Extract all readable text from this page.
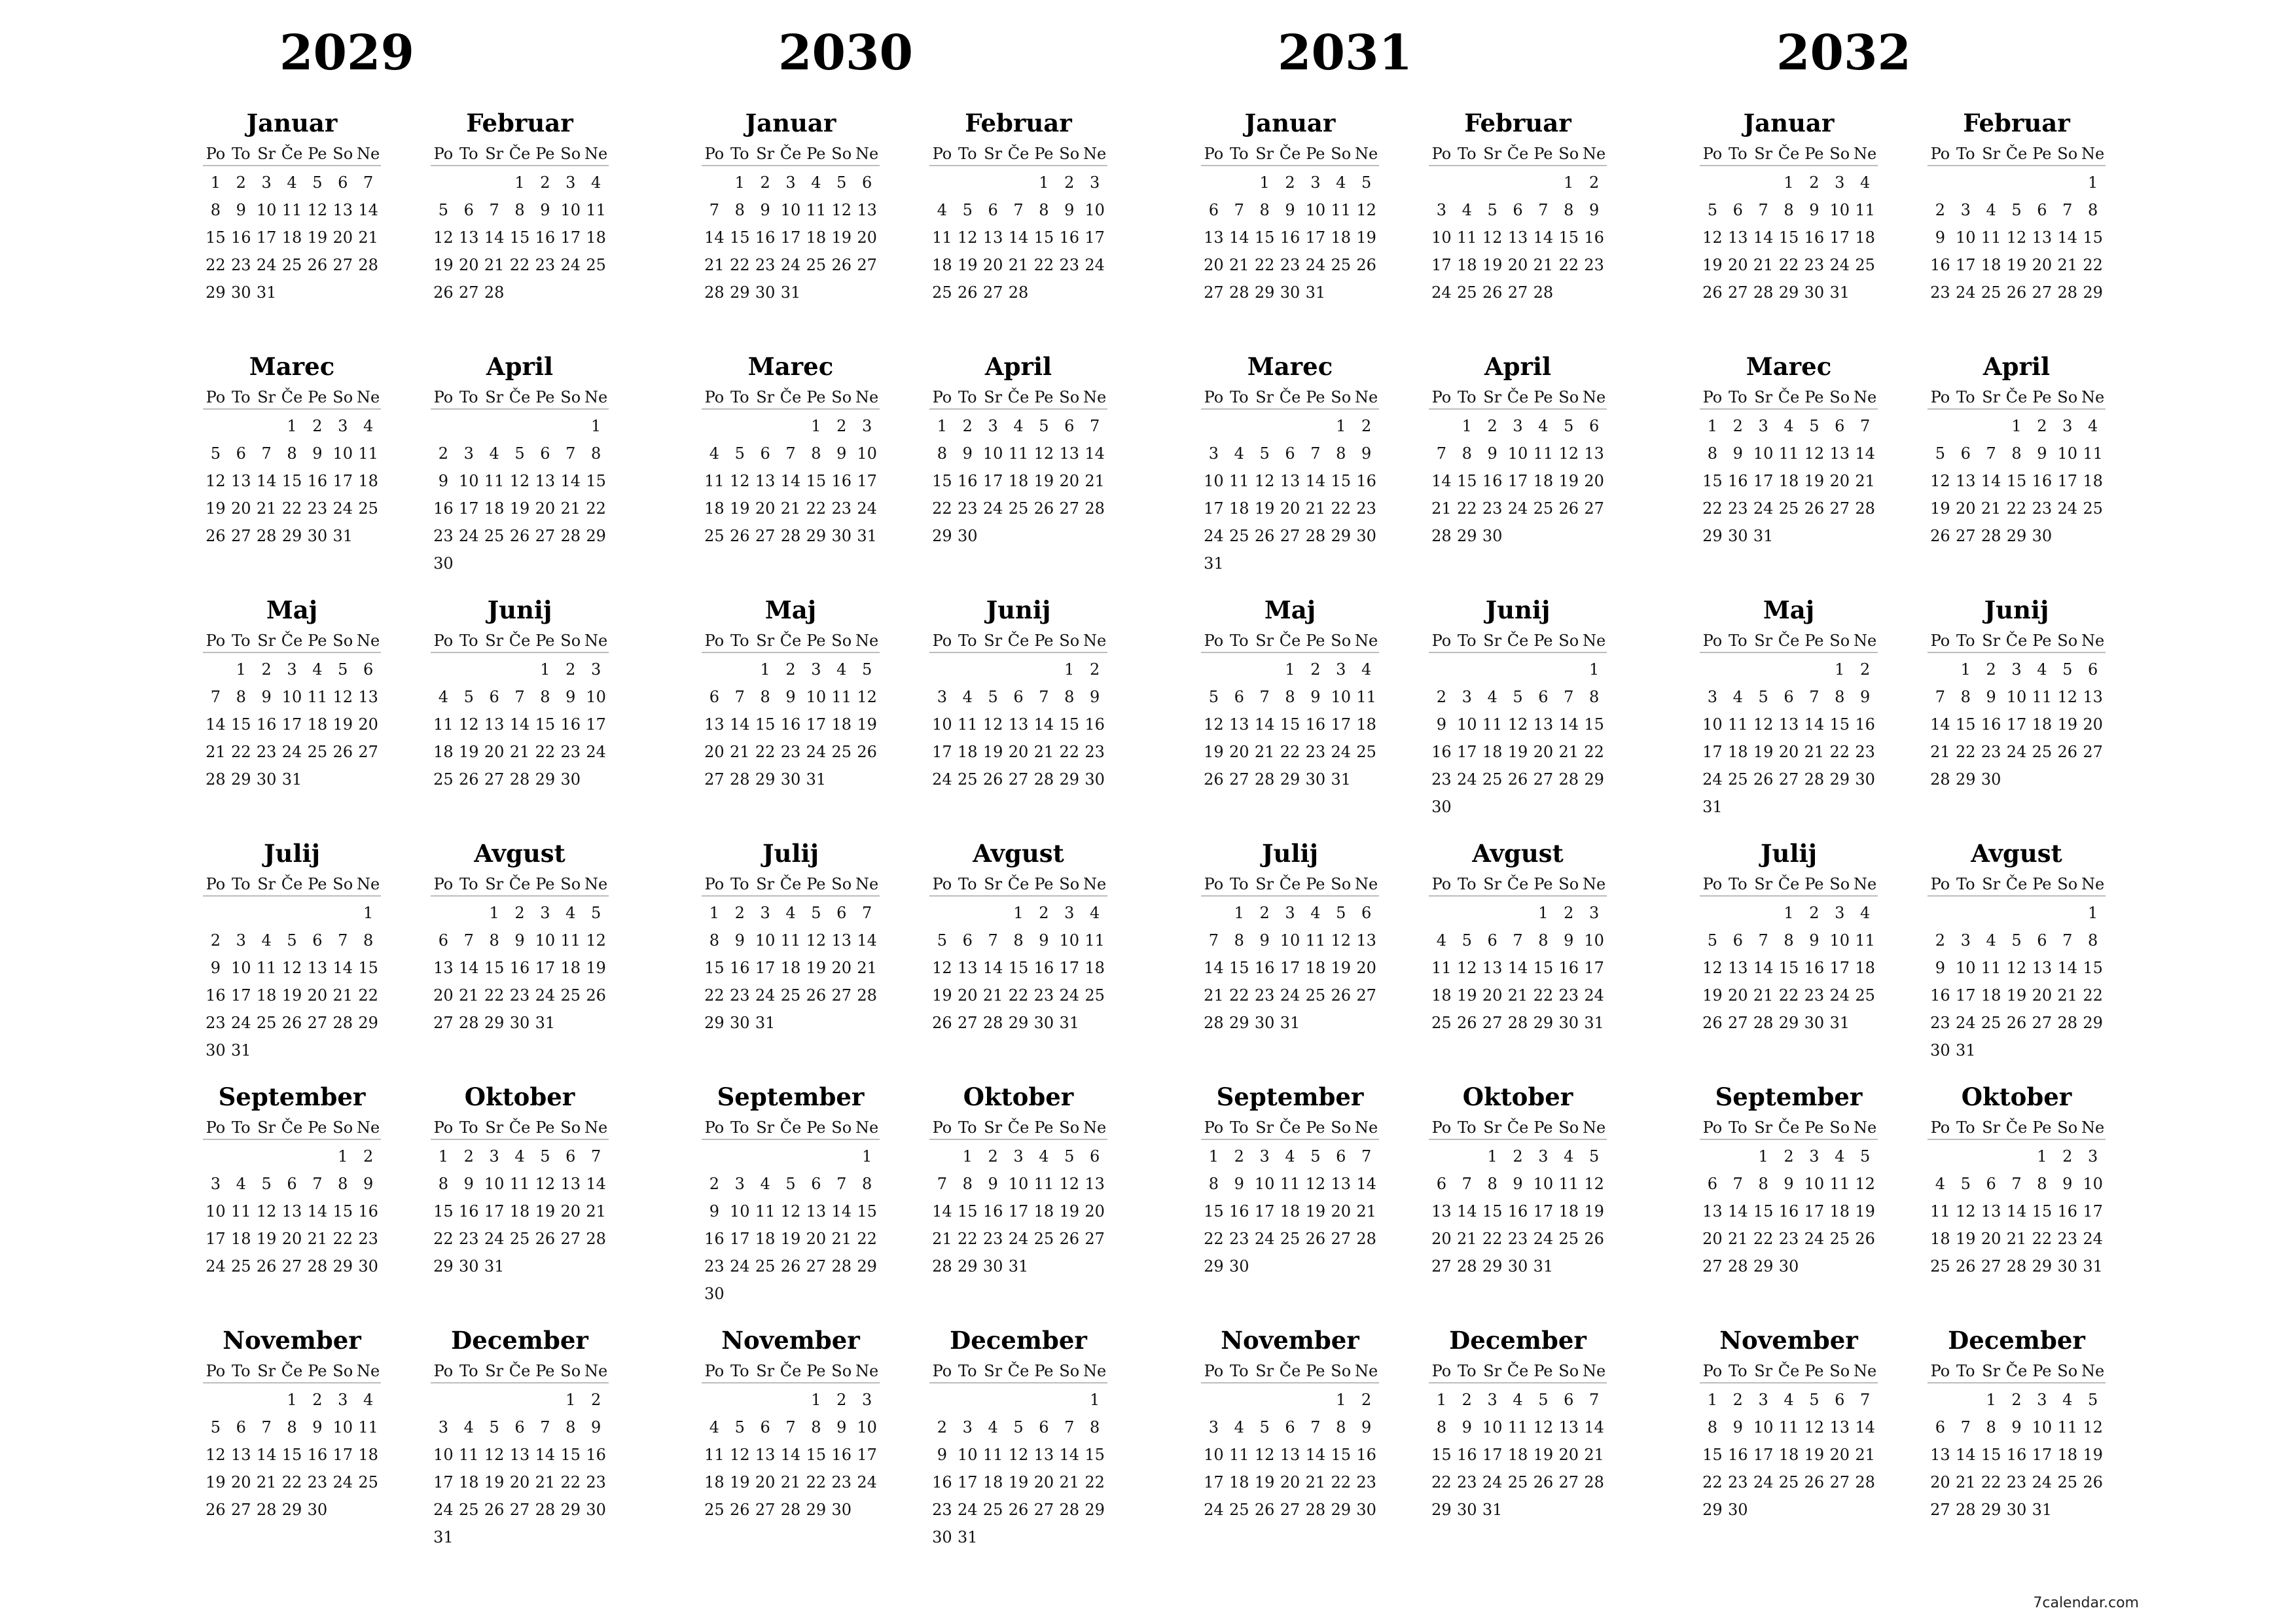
2029
Januar
Po To Sr Če Pe So Ne
1 2 3 4 5 6 7
8 9 10 11 12 13 14
15 16 17 18 19 20 21
22 23 24 25 26 27 28
29 30 31
Februar
Po To Sr Če Pe So Ne
1 2 3 4
5 6 7 8 9 10 11
12 13 14 15 16 17 18
19 20 21 22 23 24 25
26 27 28
Marec
Po To Sr Če Pe So Ne
1 2 3 4
5 6 7 8 9 10 11
12 13 14 15 16 17 18
19 20 21 22 23 24 25
26 27 28 29 30 31
April
Po To Sr Če Pe So Ne
1
2 3 4 5 6 7 8
9 10 11 12 13 14 15
16 17 18 19 20 21 22
23 24 25 26 27 28 29
30
Maj
Po To Sr Če Pe So Ne
1 2 3 4 5 6
7 8 9 10 11 12 13
14 15 16 17 18 19 20
21 22 23 24 25 26 27
28 29 30 31
Junij
Po To Sr Če Pe So Ne
1 2 3
4 5 6 7 8 9 10
11 12 13 14 15 16 17
18 19 20 21 22 23 24
25 26 27 28 29 30
Julij
Po To Sr Če Pe So Ne
1
2 3 4 5 6 7 8
9 10 11 12 13 14 15
16 17 18 19 20 21 22
23 24 25 26 27 28 29
30 31
Avgust
Po To Sr Če Pe So Ne
1 2 3 4 5
6 7 8 9 10 11 12
13 14 15 16 17 18 19
20 21 22 23 24 25 26
27 28 29 30 31
September
Po To Sr Če Pe So Ne
1 2
3 4 5 6 7 8 9
10 11 12 13 14 15 16
17 18 19 20 21 22 23
24 25 26 27 28 29 30
Oktober
Po To Sr Če Pe So Ne
1 2 3 4 5 6 7
8 9 10 11 12 13 14
15 16 17 18 19 20 21
22 23 24 25 26 27 28
29 30 31
November
Po To Sr Če Pe So Ne
1 2 3 4
5 6 7 8 9 10 11
12 13 14 15 16 17 18
19 20 21 22 23 24 25
26 27 28 29 30
December
Po To Sr Če Pe So Ne
1 2
3 4 5 6 7 8 9
10 11 12 13 14 15 16
17 18 19 20 21 22 23
24 25 26 27 28 29 30
31
2030
Januar
Po To Sr Če Pe So Ne
1 2 3 4 5 6
7 8 9 10 11 12 13
14 15 16 17 18 19 20
21 22 23 24 25 26 27
28 29 30 31
Februar
Po To Sr Če Pe So Ne
1 2 3
4 5 6 7 8 9 10
11 12 13 14 15 16 17
18 19 20 21 22 23 24
25 26 27 28
Marec
Po To Sr Če Pe So Ne
1 2 3
4 5 6 7 8 9 10
11 12 13 14 15 16 17
18 19 20 21 22 23 24
25 26 27 28 29 30 31
April
Po To Sr Če Pe So Ne
1 2 3 4 5 6 7
8 9 10 11 12 13 14
15 16 17 18 19 20 21
22 23 24 25 26 27 28
29 30
Maj
Po To Sr Če Pe So Ne
1 2 3 4 5
6 7 8 9 10 11 12
13 14 15 16 17 18 19
20 21 22 23 24 25 26
27 28 29 30 31
Junij
Po To Sr Če Pe So Ne
1 2
3 4 5 6 7 8 9
10 11 12 13 14 15 16
17 18 19 20 21 22 23
24 25 26 27 28 29 30
Julij
Po To Sr Če Pe So Ne
1 2 3 4 5 6 7
8 9 10 11 12 13 14
15 16 17 18 19 20 21
22 23 24 25 26 27 28
29 30 31
Avgust
Po To Sr Če Pe So Ne
1 2 3 4
5 6 7 8 9 10 11
12 13 14 15 16 17 18
19 20 21 22 23 24 25
26 27 28 29 30 31
September
Po To Sr Če Pe So Ne
1
2 3 4 5 6 7 8
9 10 11 12 13 14 15
16 17 18 19 20 21 22
23 24 25 26 27 28 29
30
Oktober
Po To Sr Če Pe So Ne
1 2 3 4 5 6
7 8 9 10 11 12 13
14 15 16 17 18 19 20
21 22 23 24 25 26 27
28 29 30 31
November
Po To Sr Če Pe So Ne
1 2 3
4 5 6 7 8 9 10
11 12 13 14 15 16 17
18 19 20 21 22 23 24
25 26 27 28 29 30
December
Po To Sr Če Pe So Ne
1
2 3 4 5 6 7 8
9 10 11 12 13 14 15
16 17 18 19 20 21 22
23 24 25 26 27 28 29
30 31
2031
Januar
Po To Sr Če Pe So Ne
1 2 3 4 5
6 7 8 9 10 11 12
13 14 15 16 17 18 19
20 21 22 23 24 25 26
27 28 29 30 31
Februar
Po To Sr Če Pe So Ne
1 2
3 4 5 6 7 8 9
10 11 12 13 14 15 16
17 18 19 20 21 22 23
24 25 26 27 28
Marec
Po To Sr Če Pe So Ne
1 2
3 4 5 6 7 8 9
10 11 12 13 14 15 16
17 18 19 20 21 22 23
24 25 26 27 28 29 30
31
April
Po To Sr Če Pe So Ne
1 2 3 4 5 6
7 8 9 10 11 12 13
14 15 16 17 18 19 20
21 22 23 24 25 26 27
28 29 30
Maj
Po To Sr Če Pe So Ne
1 2 3 4
5 6 7 8 9 10 11
12 13 14 15 16 17 18
19 20 21 22 23 24 25
26 27 28 29 30 31
Junij
Po To Sr Če Pe So Ne
1
2 3 4 5 6 7 8
9 10 11 12 13 14 15
16 17 18 19 20 21 22
23 24 25 26 27 28 29
30
Julij
Po To Sr Če Pe So Ne
1 2 3 4 5 6
7 8 9 10 11 12 13
14 15 16 17 18 19 20
21 22 23 24 25 26 27
28 29 30 31
Avgust
Po To Sr Če Pe So Ne
1 2 3
4 5 6 7 8 9 10
11 12 13 14 15 16 17
18 19 20 21 22 23 24
25 26 27 28 29 30 31
September
Po To Sr Če Pe So Ne
1 2 3 4 5 6 7
8 9 10 11 12 13 14
15 16 17 18 19 20 21
22 23 24 25 26 27 28
29 30
Oktober
Po To Sr Če Pe So Ne
1 2 3 4 5
6 7 8 9 10 11 12
13 14 15 16 17 18 19
20 21 22 23 24 25 26
27 28 29 30 31
November
Po To Sr Če Pe So Ne
1 2
3 4 5 6 7 8 9
10 11 12 13 14 15 16
17 18 19 20 21 22 23
24 25 26 27 28 29 30
December
Po To Sr Če Pe So Ne
1 2 3 4 5 6 7
8 9 10 11 12 13 14
15 16 17 18 19 20 21
22 23 24 25 26 27 28
29 30 31
2032
Januar
Po To Sr Če Pe So Ne
1 2 3 4
5 6 7 8 9 10 11
12 13 14 15 16 17 18
19 20 21 22 23 24 25
26 27 28 29 30 31
Februar
Po To Sr Če Pe So Ne
1
2 3 4 5 6 7 8
9 10 11 12 13 14 15
16 17 18 19 20 21 22
23 24 25 26 27 28 29
Marec
Po To Sr Če Pe So Ne
1 2 3 4 5 6 7
8 9 10 11 12 13 14
15 16 17 18 19 20 21
22 23 24 25 26 27 28
29 30 31
April
Po To Sr Če Pe So Ne
1 2 3 4
5 6 7 8 9 10 11
12 13 14 15 16 17 18
19 20 21 22 23 24 25
26 27 28 29 30
Maj
Po To Sr Če Pe So Ne
1 2
3 4 5 6 7 8 9
10 11 12 13 14 15 16
17 18 19 20 21 22 23
24 25 26 27 28 29 30
31
Junij
Po To Sr Če Pe So Ne
1 2 3 4 5 6
7 8 9 10 11 12 13
14 15 16 17 18 19 20
21 22 23 24 25 26 27
28 29 30
Julij
Po To Sr Če Pe So Ne
1 2 3 4
5 6 7 8 9 10 11
12 13 14 15 16 17 18
19 20 21 22 23 24 25
26 27 28 29 30 31
Avgust
Po To Sr Če Pe So Ne
1
2 3 4 5 6 7 8
9 10 11 12 13 14 15
16 17 18 19 20 21 22
23 24 25 26 27 28 29
30 31
September
Po To Sr Če Pe So Ne
1 2 3 4 5
6 7 8 9 10 11 12
13 14 15 16 17 18 19
20 21 22 23 24 25 26
27 28 29 30
Oktober
Po To Sr Če Pe So Ne
1 2 3
4 5 6 7 8 9 10
11 12 13 14 15 16 17
18 19 20 21 22 23 24
25 26 27 28 29 30 31
November
Po To Sr Če Pe So Ne
1 2 3 4 5 6 7
8 9 10 11 12 13 14
15 16 17 18 19 20 21
22 23 24 25 26 27 28
29 30
December
Po To Sr Če Pe So Ne
1 2 3 4 5
6 7 8 9 10 11 12
13 14 15 16 17 18 19
20 21 22 23 24 25 26
27 28 29 30 31
7calendar.com
